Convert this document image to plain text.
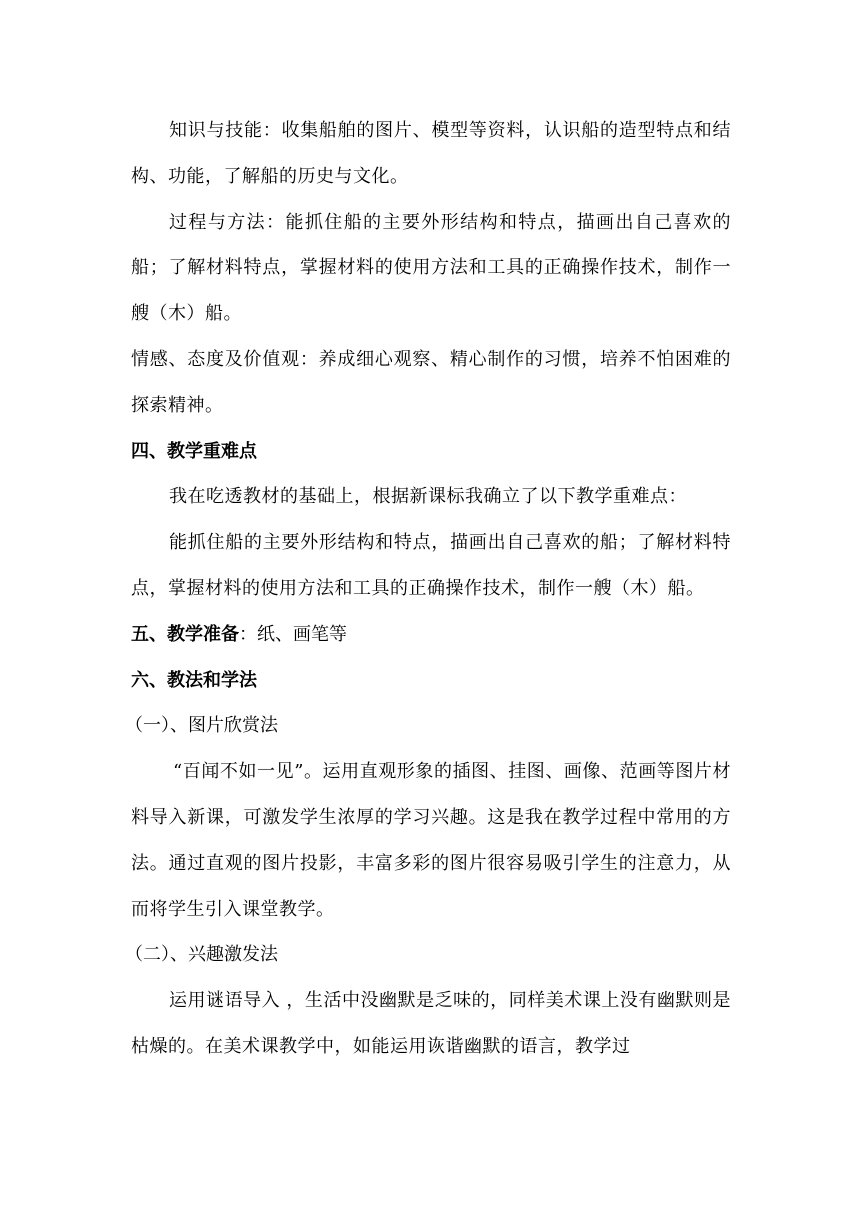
知识与技能：收集船舶的图片、模型等资料，认识船的造型特点和结构、功能，了解船的历史与文化。

过程与方法：能抓住船的主要外形结构和特点，描画出自己喜欢的船；了解材料特点，掌握材料的使用方法和工具的正确操作技术，制作一艘（木）船。

情感、态度及价值观：养成细心观察、精心制作的习惯，培养不怕困难的探索精神。

四、教学重难点

我在吃透教材的基础上，根据新课标我确立了以下教学重难点：

能抓住船的主要外形结构和特点，描画出自己喜欢的船；了解材料特点，掌握材料的使用方法和工具的正确操作技术，制作一艘（木）船。

五、教学准备：纸、画笔等

六、教法和学法

（一）、图片欣赏法

“百闻不如一见”。运用直观形象的插图、挂图、画像、范画等图片材料导入新课，可激发学生浓厚的学习兴趣。这是我在教学过程中常用的方法。通过直观的图片投影，丰富多彩的图片很容易吸引学生的注意力，从而将学生引入课堂教学。

（二）、兴趣激发法

运用谜语导入 ，生活中没幽默是乏味的，同样美术课上没有幽默则是枯燥的。在美术课教学中，如能运用诙谐幽默的语言，教学过
